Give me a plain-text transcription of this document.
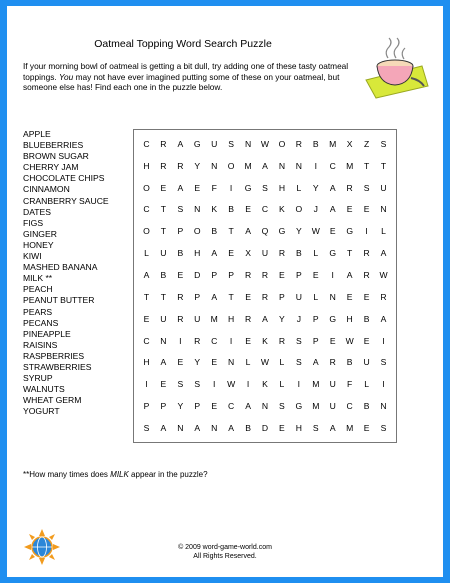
Oatmeal Topping Word Search Puzzle
If your morning bowl of oatmeal is getting a bit dull, try adding one of these tasty oatmeal toppings. You may not have ever imagined putting some of these on your oatmeal, but someone else has! Find each one in the puzzle below.
APPLE
BLUEBERRIES
BROWN SUGAR
CHERRY JAM
CHOCOLATE CHIPS
CINNAMON
CRANBERRY SAUCE
DATES
FIGS
GINGER
HONEY
KIWI
MASHED BANANA
MILK **
PEACH
PEANUT BUTTER
PEARS
PECANS
PINEAPPLE
RAISINS
RASPBERRIES
STRAWBERRIES
SYRUP
WALNUTS
WHEAT GERM
YOGURT
C	R	A	G	U	S	N	W	O	R	B	M	X	Z	S
H	R	R	Y	N	O	M	A	N	N	I	C	M	T	T
O	E	A	E	F	I	G	S	H	L	Y	A	R	S	U
C	T	S	N	K	B	E	C	K	O	J	A	E	E	N
O	T	P	O	B	T	A	Q	G	Y	W	E	G	I	L
L	U	B	H	A	E	X	U	R	B	L	G	T	R	A
A	B	E	D	P	P	R	R	E	P	E	I	A	R	W
T	T	R	P	A	T	E	R	P	U	L	N	E	E	R
E	U	R	U	M	H	R	A	Y	J	P	G	H	B	A
C	N	I	R	C	I	E	K	R	S	P	E	W	E	I
H	A	E	Y	E	N	L	W	L	S	A	R	B	U	S
I	E	S	S	I	W	I	K	L	I	M	U	F	L	I
P	P	Y	P	E	C	A	N	S	G	M	U	C	B	N
S	A	N	A	N	A	B	D	E	H	S	A	M	E	S
**How many times does MILK appear in the puzzle?
© 2009 word-game-world.com
All Rights Reserved.
